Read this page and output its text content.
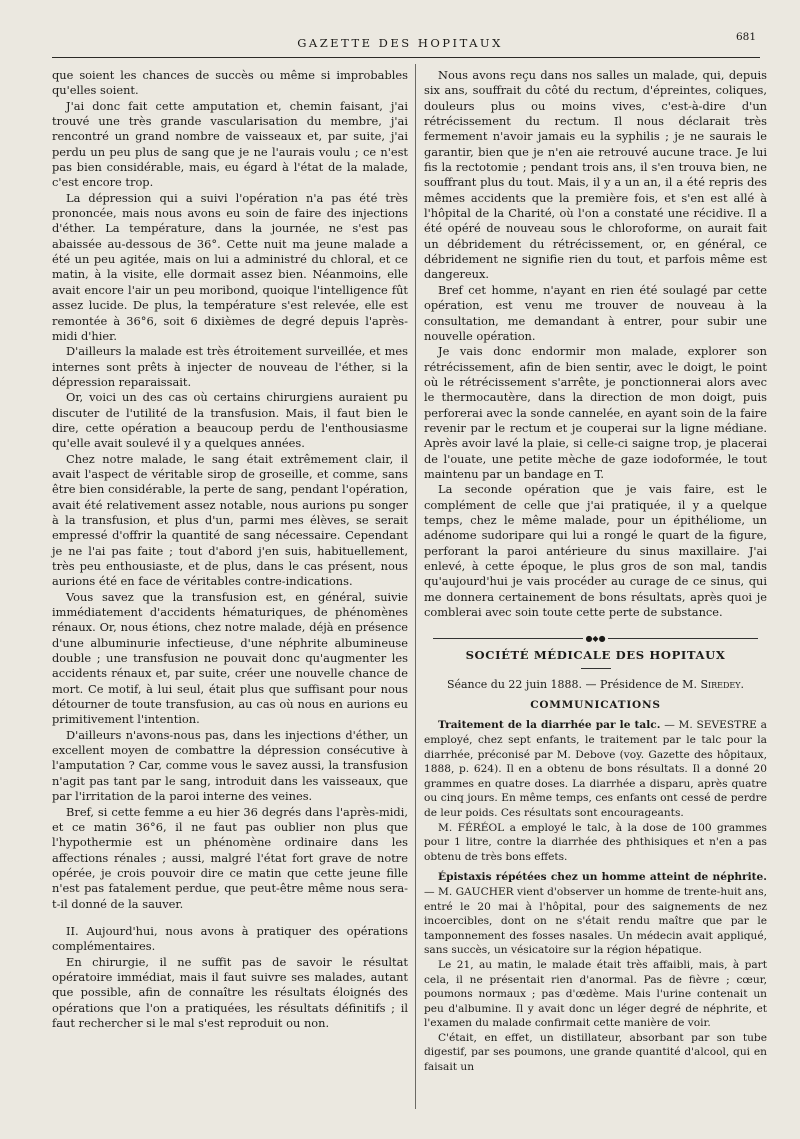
GAZETTE DES HOPITAUX	681

que soient les chances de succès ou même si improbables qu'elles soient.

J'ai donc fait cette amputation et, chemin faisant, j'ai trouvé une très grande vascularisation du membre, j'ai rencontré un grand nombre de vaisseaux et, par suite, j'ai perdu un peu plus de sang que je ne l'aurais voulu ; ce n'est pas bien considérable, mais, eu égard à l'état de la malade, c'est encore trop.

La dépression qui a suivi l'opération n'a pas été très prononcée, mais nous avons eu soin de faire des injections d'éther. La température, dans la journée, ne s'est pas abaissée au-dessous de 36°. Cette nuit ma jeune malade a été un peu agitée, mais on lui a administré du chloral, et ce matin, à la visite, elle dormait assez bien. Néanmoins, elle avait encore l'air un peu moribond, quoique l'intelligence fût assez lucide. De plus, la température s'est relevée, elle est remontée à 36°6, soit 6 dixièmes de degré depuis l'après-midi d'hier.

D'ailleurs la malade est très étroitement surveillée, et mes internes sont prêts à injecter de nouveau de l'éther, si la dépression reparaissait.

Or, voici un des cas où certains chirurgiens auraient pu discuter de l'utilité de la transfusion. Mais, il faut bien le dire, cette opération a beaucoup perdu de l'enthousiasme qu'elle avait soulevé il y a quelques années.

Chez notre malade, le sang était extrêmement clair, il avait l'aspect de véritable sirop de groseille, et comme, sans être bien considérable, la perte de sang, pendant l'opération, avait été relativement assez notable, nous aurions pu songer à la transfusion, et plus d'un, parmi mes élèves, se serait empressé d'offrir la quantité de sang nécessaire. Cependant je ne l'ai pas faite ; tout d'abord j'en suis, habituellement, très peu enthousiaste, et de plus, dans le cas présent, nous aurions été en face de véritables contre-indications.

Vous savez que la transfusion est, en général, suivie immédiatement d'accidents hématuriques, de phénomènes rénaux. Or, nous étions, chez notre malade, déjà en présence d'une albuminurie infectieuse, d'une néphrite albumineuse double ; une transfusion ne pouvait donc qu'augmenter les accidents rénaux et, par suite, créer une nouvelle chance de mort. Ce motif, à lui seul, était plus que suffisant pour nous détourner de toute transfusion, au cas où nous en aurions eu primitivement l'intention.

D'ailleurs n'avons-nous pas, dans les injections d'éther, un excellent moyen de combattre la dépression consécutive à l'amputation ? Car, comme vous le savez aussi, la transfusion n'agit pas tant par le sang, introduit dans les vaisseaux, que par l'irritation de la paroi interne des veines.

Bref, si cette femme a eu hier 36 degrés dans l'après-midi, et ce matin 36°6, il ne faut pas oublier non plus que l'hypothermie est un phénomène ordinaire dans les affections rénales ; aussi, malgré l'état fort grave de notre opérée, je crois pouvoir dire ce matin que cette jeune fille n'est pas fatalement perdue, que peut-être même nous sera-t-il donné de la sauver.

II. Aujourd'hui, nous avons à pratiquer des opérations complémentaires.

En chirurgie, il ne suffit pas de savoir le résultat opératoire immédiat, mais il faut suivre ses malades, autant que possible, afin de connaître les résultats éloignés des opérations que l'on a pratiquées, les résultats définitifs ; il faut rechercher si le mal s'est reproduit ou non.

Nous avons reçu dans nos salles un malade, qui, depuis six ans, souffrait du côté du rectum, d'épreintes, coliques, douleurs plus ou moins vives, c'est-à-dire d'un rétrécissement du rectum. Il nous déclarait très fermement n'avoir jamais eu la syphilis ; je ne saurais le garantir, bien que je n'en aie retrouvé aucune trace. Je lui fis la rectotomie ; pendant trois ans, il s'en trouva bien, ne souffrant plus du tout. Mais, il y a un an, il a été repris des mêmes accidents que la première fois, et s'en est allé à l'hôpital de la Charité, où l'on a constaté une récidive. Il a été opéré de nouveau sous le chloroforme, on aurait fait un débridement du rétrécissement, or, en général, ce débridement ne signifie rien du tout, et parfois même est dangereux.

Bref cet homme, n'ayant en rien été soulagé par cette opération, est venu me trouver de nouveau à la consultation, me demandant à entrer, pour subir une nouvelle opération.

Je vais donc endormir mon malade, explorer son rétrécissement, afin de bien sentir, avec le doigt, le point où le rétrécissement s'arrête, je ponctionnerai alors avec le thermocautère, dans la direction de mon doigt, puis perforerai avec la sonde cannelée, en ayant soin de la faire revenir par le rectum et je couperai sur la ligne médiane. Après avoir lavé la plaie, si celle-ci saigne trop, je placerai de l'ouate, une petite mèche de gaze iodoformée, le tout maintenu par un bandage en T.

La seconde opération que je vais faire, est le complément de celle que j'ai pratiquée, il y a quelque temps, chez le même malade, pour un épithéliome, un adénome sudoripare qui lui a rongé le quart de la figure, perforant la paroi antérieure du sinus maxillaire. J'ai enlevé, à cette époque, le plus gros de son mal, tandis qu'aujourd'hui je vais procéder au curage de ce sinus, qui me donnera certainement de bons résultats, après quoi je comblerai avec soin toute cette perte de substance.

●◆●
SOCIÉTÉ MÉDICALE DES HOPITAUX
Séance du 22 juin 1888. — Présidence de M. Siredey.
COMMUNICATIONS

Traitement de la diarrhée par le talc. — M. SEVESTRE a employé, chez sept enfants, le traitement par le talc pour la diarrhée, préconisé par M. Debove (voy. Gazette des hôpitaux, 1888, p. 624). Il en a obtenu de bons résultats. Il a donné 20 grammes en quatre doses. La diarrhée a disparu, après quatre ou cinq jours. En même temps, ces enfants ont cessé de perdre de leur poids. Ces résultats sont encourageants.

M. FÉRÉOL a employé le talc, à la dose de 100 grammes pour 1 litre, contre la diarrhée des phthisiques et n'en a pas obtenu de très bons effets.

Épistaxis répétées chez un homme atteint de néphrite. — M. GAUCHER vient d'observer un homme de trente-huit ans, entré le 20 mai à l'hôpital, pour des saignements de nez incoercibles, dont on ne s'était rendu maître que par le tamponnement des fosses nasales. Un médecin avait appliqué, sans succès, un vésicatoire sur la région hépatique.

Le 21, au matin, le malade était très affaibli, mais, à part cela, il ne présentait rien d'anormal. Pas de fièvre ; cœur, poumons normaux ; pas d'œdème. Mais l'urine contenait un peu d'albumine. Il y avait donc un léger degré de néphrite, et l'examen du malade confirmait cette manière de voir.

C'était, en effet, un distillateur, absorbant par son tube digestif, par ses poumons, une grande quantité d'alcool, qui en faisait un
